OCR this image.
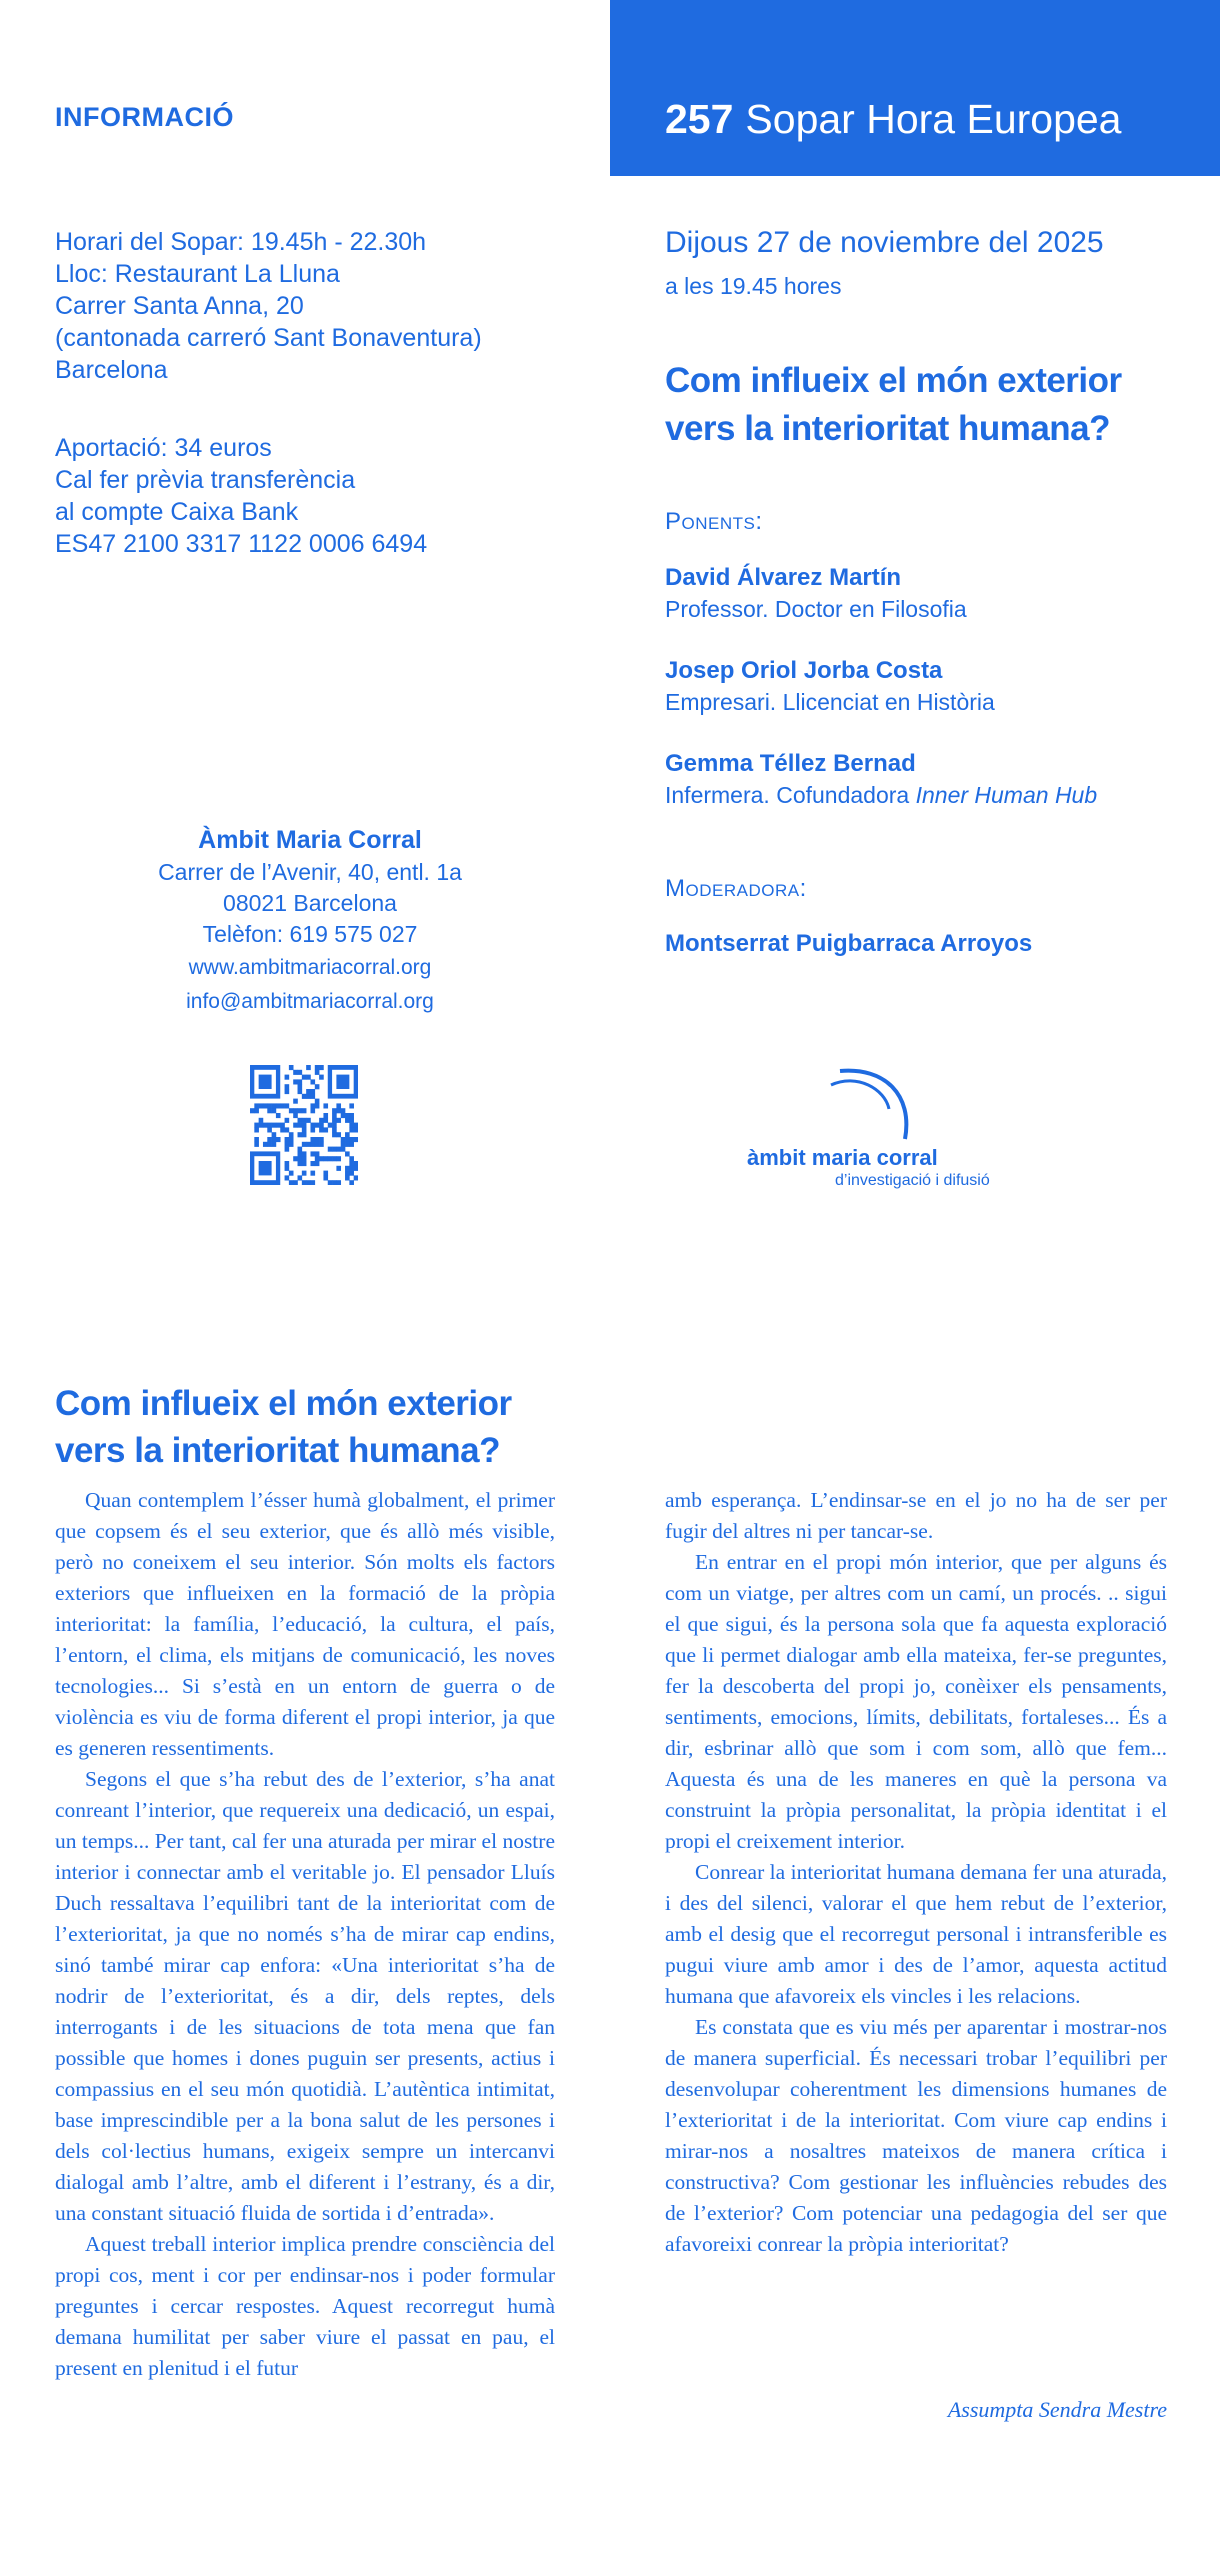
257 Sopar Hora Europea
INFORMACIÓ
Horari del Sopar: 19.45h - 22.30h
Lloc: Restaurant La Lluna
Carrer Santa Anna, 20
(cantonada carreró Sant Bonaventura)
Barcelona
Aportació: 34 euros
Cal fer prèvia transferència
al compte Caixa Bank
ES47 2100 3317 1122 0006 6494
Dijous 27 de noviembre del 2025
a les 19.45 hores
Com influeix el món exterior
vers la interioritat humana?
Ponents:
David Álvarez Martín
Professor. Doctor en Filosofia
Josep Oriol Jorba Costa
Empresari. Llicenciat en Història
Gemma Téllez Bernad
Infermera. Cofundadora Inner Human Hub
Moderadora:
Montserrat Puigbarraca Arroyos
Àmbit Maria Corral
Carrer de l’Avenir, 40, entl. 1a
08021 Barcelona
Telèfon: 619 575 027
www.ambitmariacorral.org
info@ambitmariacorral.org
àmbit maria corral
d’investigació i difusió
Com influeix el món exterior
vers la interioritat humana?

Quan contemplem l’ésser humà globalment, el primer que copsem és el seu exterior, que és allò més visible, però no coneixem el seu interior. Són molts els factors exteriors que influeixen en la formació de la pròpia interioritat: la família, l’educació, la cultura, el país, l’entorn, el clima, els mitjans de comunicació, les noves tecnologies... Si s’està en un entorn de guerra o de violència es viu de forma diferent el propi interior, ja que es generen ressentiments.

Segons el que s’ha rebut des de l’exterior, s’ha anat conreant l’interior, que requereix una dedicació, un espai, un temps... Per tant, cal fer una aturada per mirar el nostre interior i connectar amb el veritable jo. El pensador Lluís Duch ressaltava l’equilibri tant de la interioritat com de l’exterioritat, ja que no només s’ha de mirar cap endins, sinó també mirar cap enfora: «Una interioritat s’ha de nodrir de l’exterioritat, és a dir, dels reptes, dels interrogants i de les situacions de tota mena que fan possible que homes i dones puguin ser presents, actius i compassius en el seu món quotidià. L’autèntica intimitat, base imprescindible per a la bona salut de les persones i dels col·lectius humans, exigeix sempre un intercanvi dialogal amb l’altre, amb el diferent i l’estrany, és a dir, una constant situació fluida de sortida i d’entrada».

Aquest treball interior implica prendre consciència del propi cos, ment i cor per endinsar-nos i poder formular preguntes i cercar respostes. Aquest recorregut humà demana humilitat per saber viure el passat en pau, el present en plenitud i el futur

amb esperança. L’endinsar-se en el jo no ha de ser per fugir del altres ni per tancar-se.

En entrar en el propi món interior, que per alguns és com un viatge, per altres com un camí, un procés. .. sigui el que sigui, és la persona sola que fa aquesta exploració que li permet dialogar amb ella mateixa, fer-se preguntes, fer la descoberta del propi jo, conèixer els pensaments, sentiments, emocions, límits, debilitats, fortaleses... És a dir, esbrinar allò que som i com som, allò que fem... Aquesta és una de les maneres en què la persona va construint la pròpia personalitat, la pròpia identitat i el propi el creixement interior.

Conrear la interioritat humana demana fer una aturada, i des del silenci, valorar el que hem rebut de l’exterior, amb el desig que el recorregut personal i intransferible es pugui viure amb amor i des de l’amor, aquesta actitud humana que afavoreix els vincles i les relacions.

Es constata que es viu més per aparentar i mostrar-nos de manera superficial. És necessari trobar l’equilibri per desenvolupar coherentment les dimensions humanes de l’exterioritat i de la interioritat. Com viure cap endins i mirar-nos a nosaltres mateixos de manera crítica i constructiva? Com gestionar les influències rebudes des de l’exterior? Com potenciar una pedagogia del ser que afavoreixi conrear la pròpia interioritat?

Assumpta Sendra Mestre
